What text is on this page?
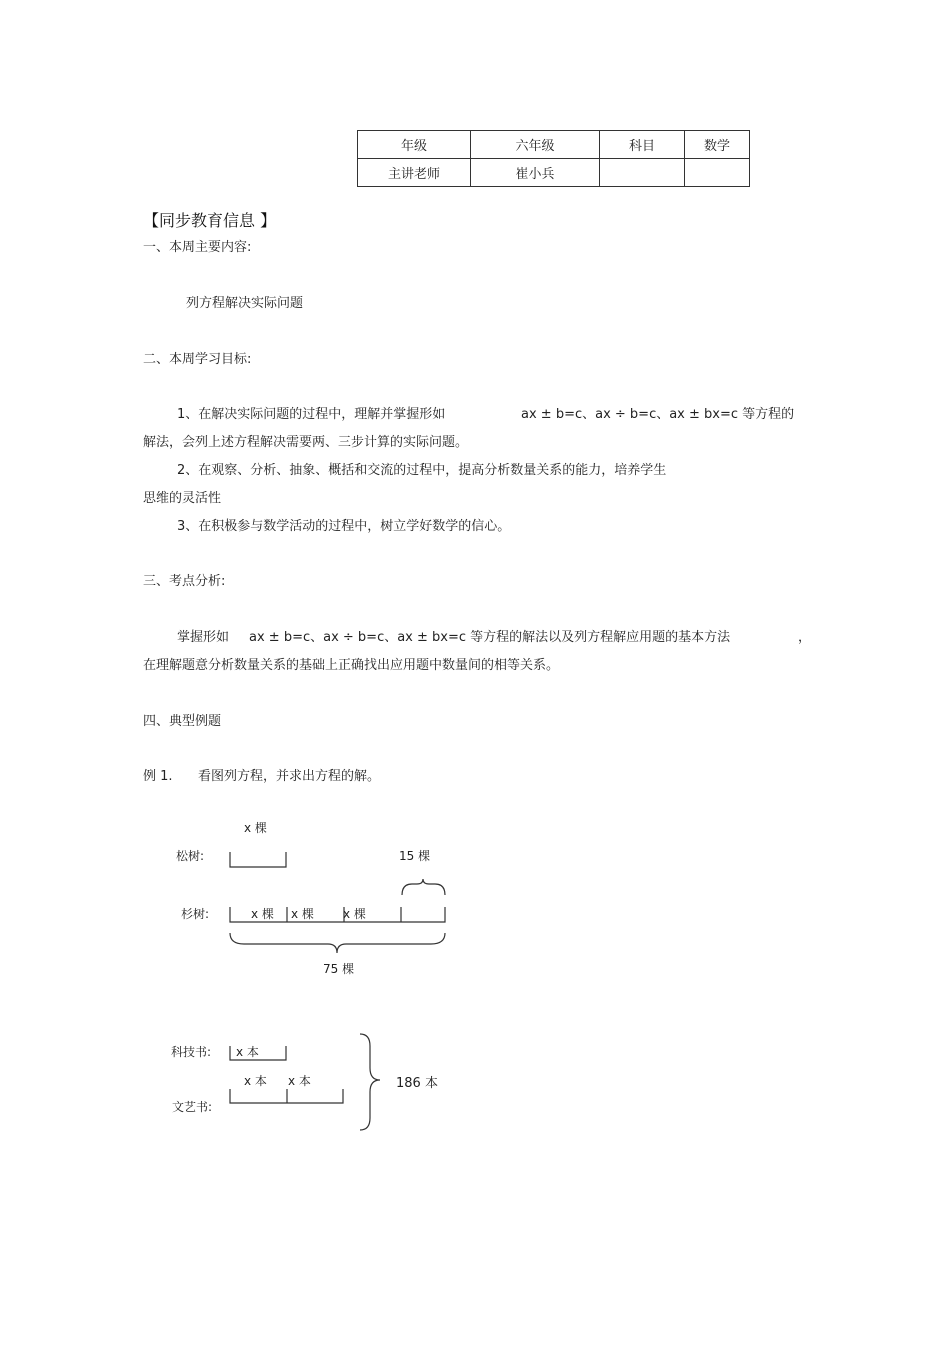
年级	六年级	科目	数学
主讲老师	崔小兵		
【同步教育信息 】
一、本周主要内容:
列方程解决实际问题
二、本周学习目标:
1、在解决实际问题的过程中，理解并掌握形如	ax ± b=c、ax ÷ b=c、ax ± bx=c 等方程的
解法，会列上述方程解决需要两、三步计算的实际问题。
2、在观察、分析、抽象、概括和交流的过程中，提高分析数量关系的能力，培养学生
思维的灵活性
3、在积极参与数学活动的过程中，树立学好数学的信心。
三、考点分析:
掌握形如 ax ± b=c、ax ÷ b=c、ax ± bx=c 等方程的解法以及列方程解应用题的基本方法	，
在理解题意分析数量关系的基础上正确找出应用题中数量间的相等关系。
四、典型例题
例 1. 看图列方程，并求出方程的解。
x 棵
松树:	15 棵
杉树:	x 棵 x 棵 x 棵
75 棵
科技书: x 本
x 本 x 本	186 本
文艺书:
